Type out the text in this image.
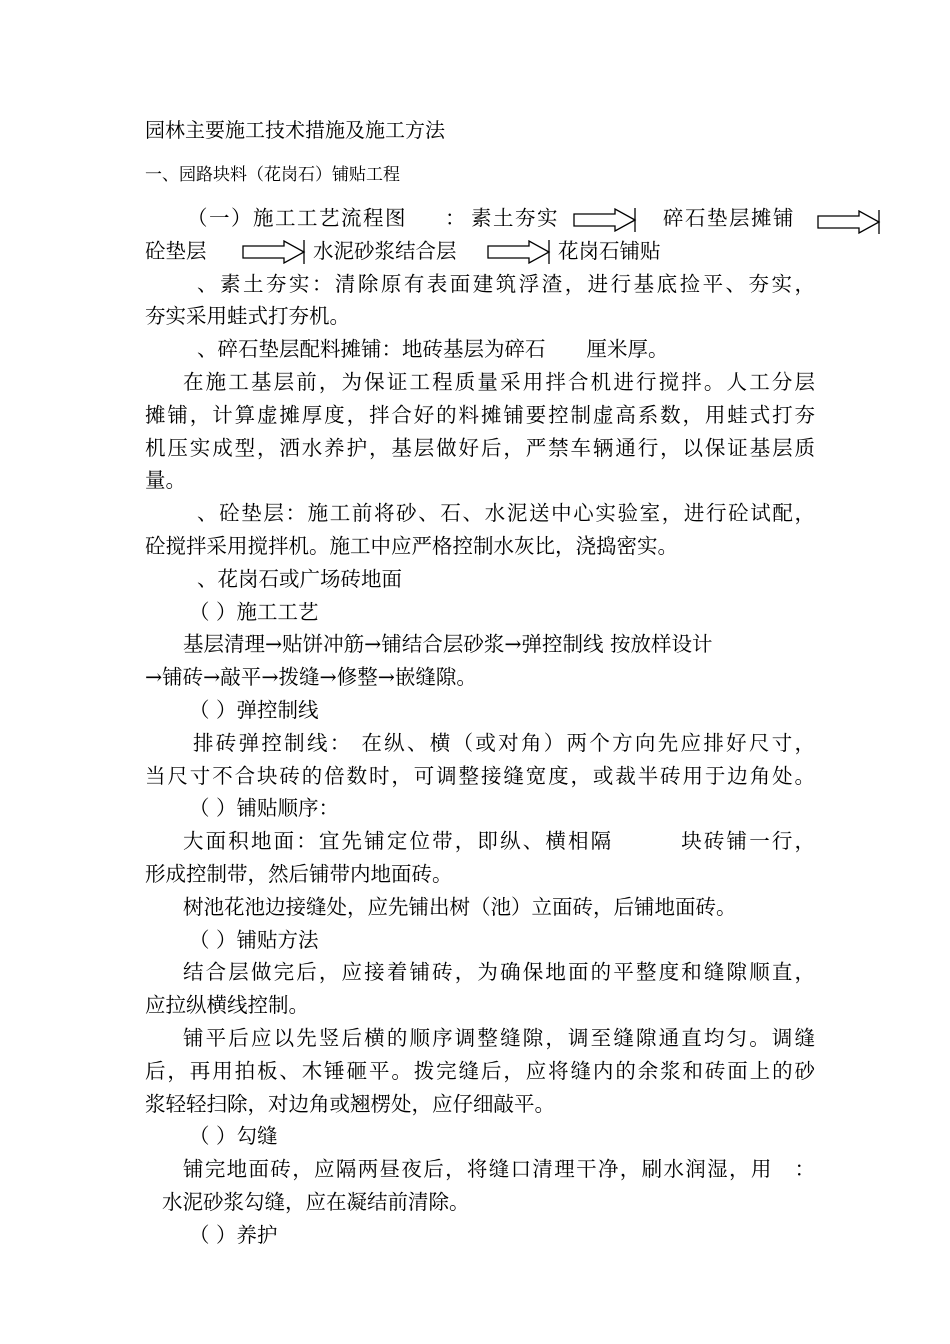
园林主要施工技术措施及施工方法
一、园路块料（花岗石）铺贴工程
（一）施工工艺流程图 ： 素土夯实	碎石垫层摊铺
砼垫层	水泥砂浆结合层	花岗石铺贴
、素土夯实：清除原有表面建筑浮渣，进行基底捡平、夯实，
夯实采用蛙式打夯机。
、碎石垫层配料摊铺：地砖基层为碎石　　厘米厚。
在施工基层前，为保证工程质量采用拌合机进行搅拌。人工分层
摊铺，计算虚摊厚度，拌合好的料摊铺要控制虚高系数，用蛙式打夯
机压实成型，洒水养护，基层做好后，严禁车辆通行，以保证基层质
量。
、砼垫层：施工前将砂、石、水泥送中心实验室，进行砼试配，
砼搅拌采用搅拌机。施工中应严格控制水灰比，浇捣密实。
、花岗石或广场砖地面
（ ）施工工艺
基层清理→贴饼冲筋→铺结合层砂浆→弹控制线 按放样设计
→铺砖→敲平→拨缝→修整→嵌缝隙。
（ ）弹控制线
排砖弹控制线： 在纵、横（或对角）两个方向先应排好尺寸，
当尺寸不合块砖的倍数时，可调整接缝宽度，或裁半砖用于边角处。
（ ）铺贴顺序：
大面积地面：宜先铺定位带，即纵、横相隔　　　块砖铺一行，
形成控制带，然后铺带内地面砖。
树池花池边接缝处，应先铺出树（池）立面砖，后铺地面砖。
（ ）铺贴方法
结合层做完后，应接着铺砖，为确保地面的平整度和缝隙顺直，
应拉纵横线控制。
铺平后应以先竖后横的顺序调整缝隙，调至缝隙通直均匀。调缝
后，再用拍板、木锤砸平。拨完缝后，应将缝内的余浆和砖面上的砂
浆轻轻扫除，对边角或翘楞处，应仔细敲平。
（ ）勾缝
铺完地面砖，应隔两昼夜后，将缝口清理干净，刷水润湿，用　：
水泥砂浆勾缝，应在凝结前清除。
（ ）养护
